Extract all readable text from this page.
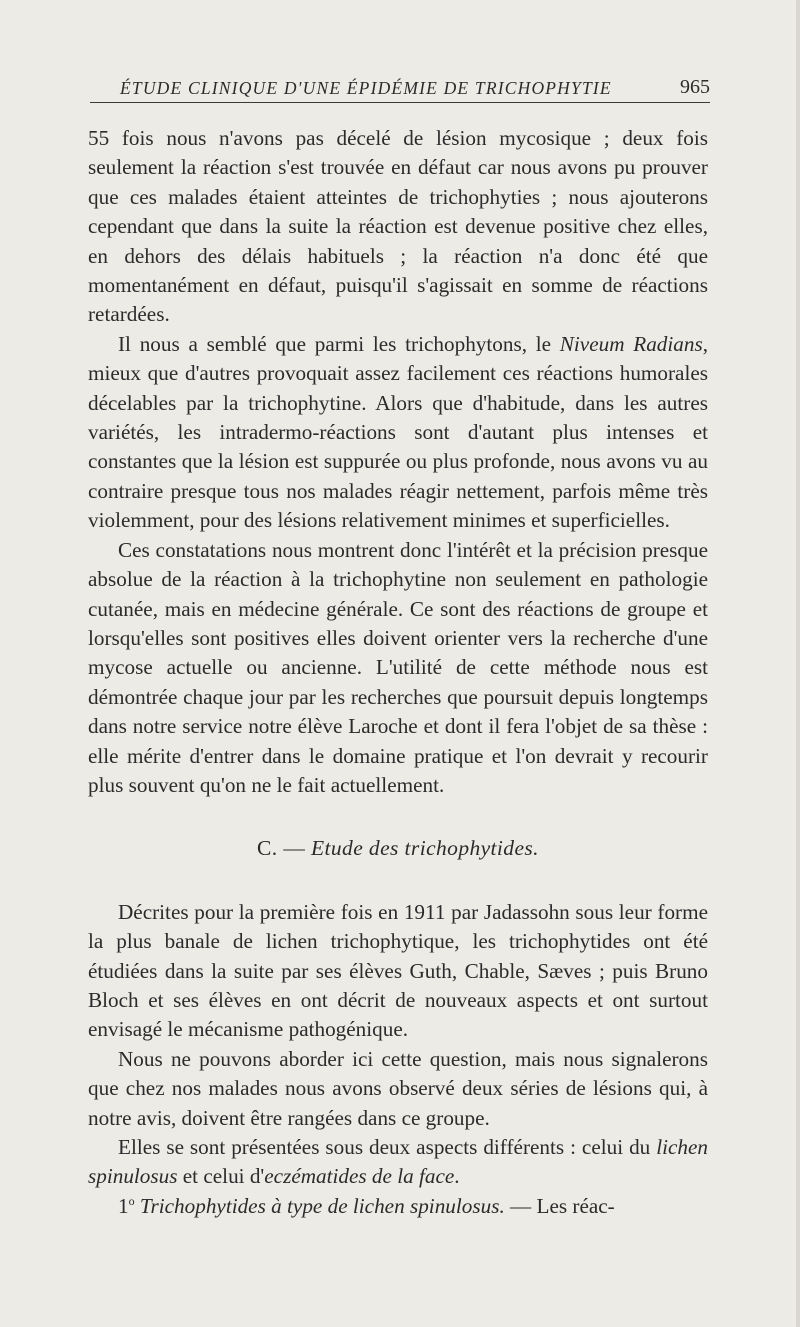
ÉTUDE CLINIQUE D'UNE ÉPIDÉMIE DE TRICHOPHYTIE	965

55 fois nous n'avons pas décelé de lésion mycosique ; deux fois seulement la réaction s'est trouvée en défaut car nous avons pu prouver que ces malades étaient atteintes de trichophyties ; nous ajouterons cependant que dans la suite la réaction est devenue positive chez elles, en dehors des délais habituels ; la réaction n'a donc été que momentanément en défaut, puisqu'il s'agissait en somme de réactions retardées.

Il nous a semblé que parmi les trichophytons, le Niveum Radians, mieux que d'autres provoquait assez facilement ces réactions humorales décelables par la trichophytine. Alors que d'habitude, dans les autres variétés, les intradermo-réactions sont d'autant plus intenses et constantes que la lésion est suppurée ou plus profonde, nous avons vu au contraire presque tous nos malades réagir nettement, parfois même très violemment, pour des lésions relativement minimes et superficielles.

Ces constatations nous montrent donc l'intérêt et la précision presque absolue de la réaction à la trichophytine non seulement en pathologie cutanée, mais en médecine générale. Ce sont des réactions de groupe et lorsqu'elles sont positives elles doivent orienter vers la recherche d'une mycose actuelle ou ancienne. L'utilité de cette méthode nous est démontrée chaque jour par les recherches que poursuit depuis longtemps dans notre service notre élève Laroche et dont il fera l'objet de sa thèse : elle mérite d'entrer dans le domaine pratique et l'on devrait y recourir plus souvent qu'on ne le fait actuellement.

C. — Etude des trichophytides.

Décrites pour la première fois en 1911 par Jadassohn sous leur forme la plus banale de lichen trichophytique, les trichophytides ont été étudiées dans la suite par ses élèves Guth, Chable, Sæves ; puis Bruno Bloch et ses élèves en ont décrit de nouveaux aspects et ont surtout envisagé le mécanisme pathogénique.

Nous ne pouvons aborder ici cette question, mais nous signalerons que chez nos malades nous avons observé deux séries de lésions qui, à notre avis, doivent être rangées dans ce groupe.

Elles se sont présentées sous deux aspects différents : celui du lichen spinulosus et celui d'eczématides de la face.

1$^o$ Trichophytides à type de lichen spinulosus. — Les réac-
